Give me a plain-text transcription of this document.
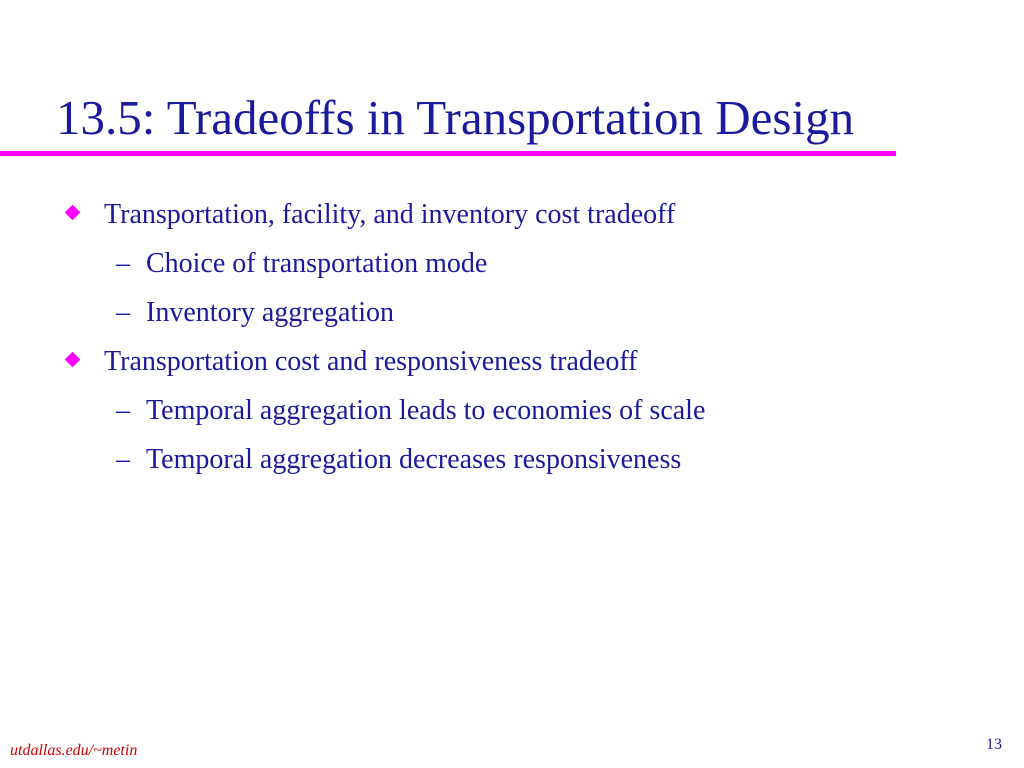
13.5: Tradeoffs in Transportation Design
Transportation, facility, and inventory cost tradeoff
– Choice of transportation mode
– Inventory aggregation
Transportation cost and responsiveness tradeoff
– Temporal aggregation leads to economies of scale
– Temporal aggregation decreases responsiveness
utdallas.edu/~metin	13
